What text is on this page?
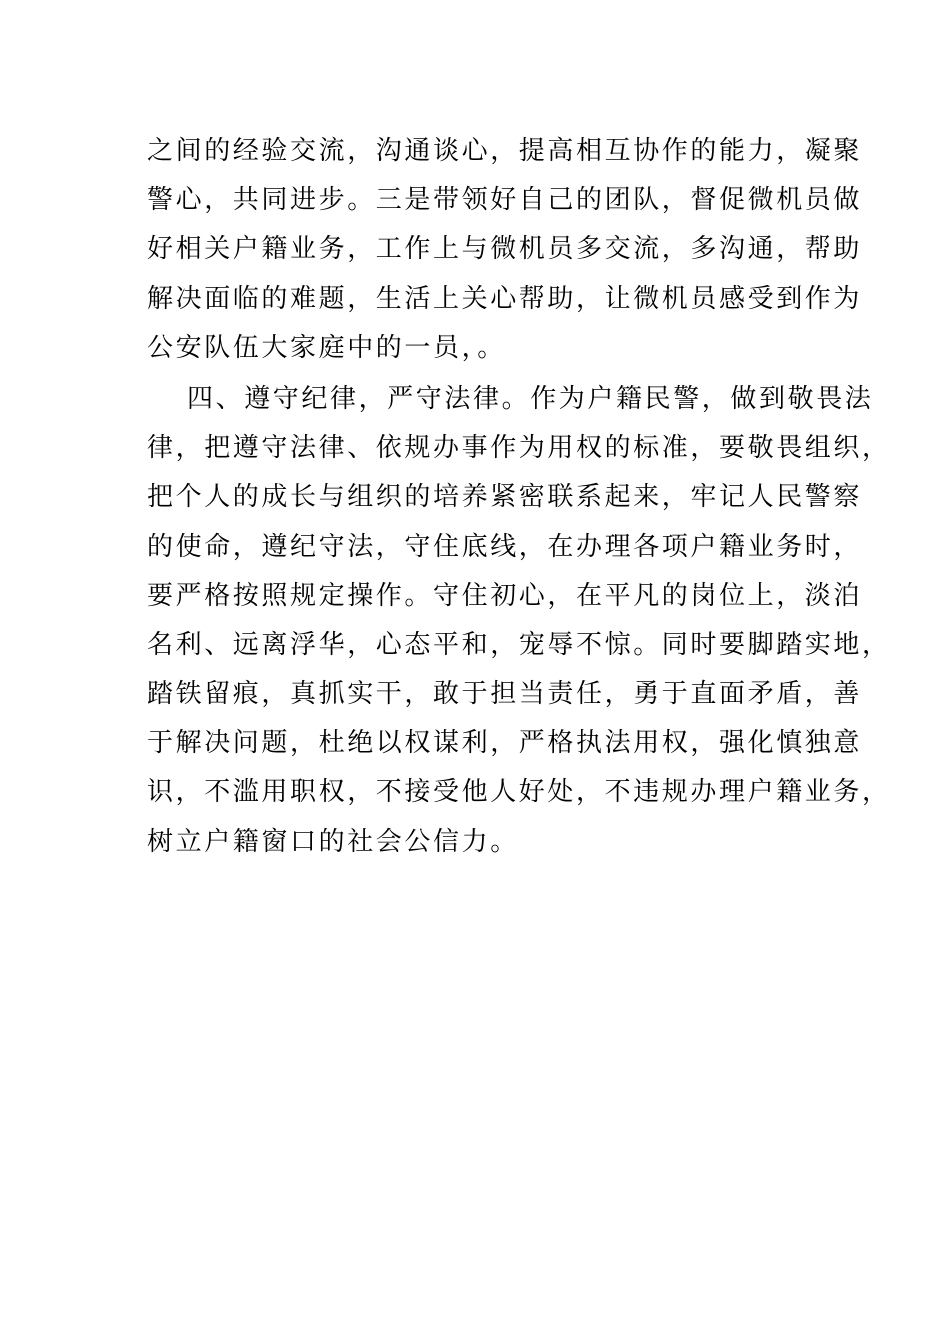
之间的经验交流，沟通谈心，提高相互协作的能力，凝聚
警心，共同进步。三是带领好自己的团队，督促微机员做
好相关户籍业务，工作上与微机员多交流，多沟通，帮助
解决面临的难题，生活上关心帮助，让微机员感受到作为
公安队伍大家庭中的一员，。
四、遵守纪律，严守法律。作为户籍民警，做到敬畏法
律，把遵守法律、依规办事作为用权的标准，要敬畏组织，
把个人的成长与组织的培养紧密联系起来，牢记人民警察
的使命，遵纪守法，守住底线，在办理各项户籍业务时，
要严格按照规定操作。守住初心，在平凡的岗位上，淡泊
名利、远离浮华，心态平和，宠辱不惊。同时要脚踏实地，
踏铁留痕，真抓实干，敢于担当责任，勇于直面矛盾，善
于解决问题，杜绝以权谋利，严格执法用权，强化慎独意
识，不滥用职权，不接受他人好处，不违规办理户籍业务，
树立户籍窗口的社会公信力。
